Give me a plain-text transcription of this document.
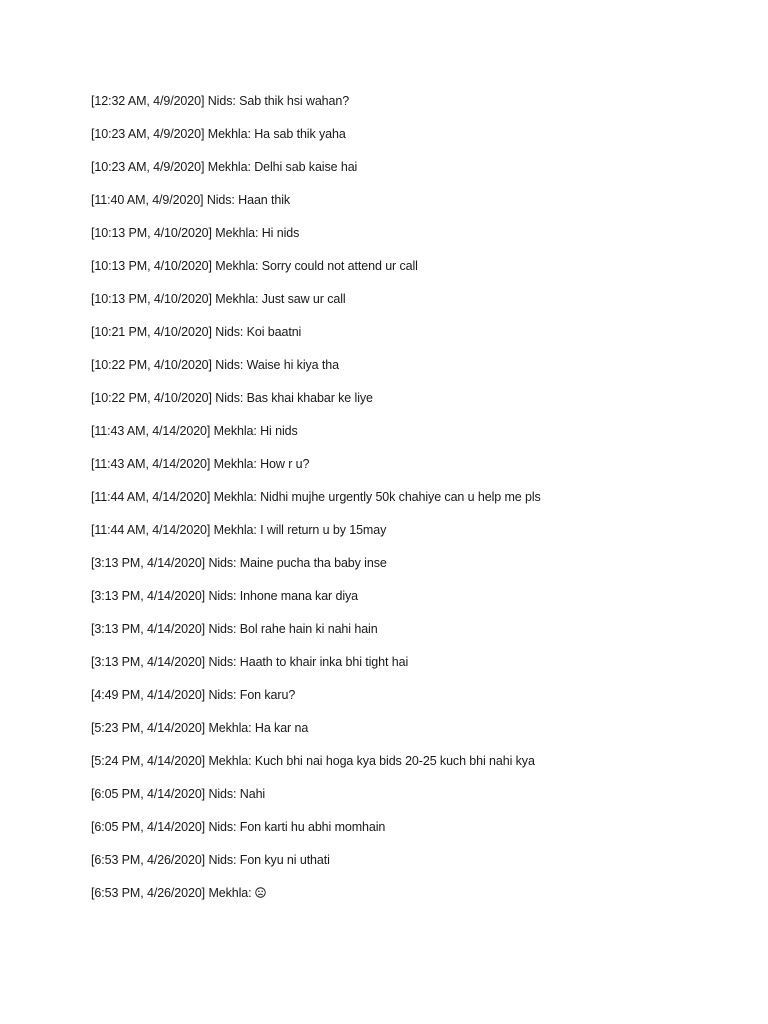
[12:32 AM, 4/9/2020] Nids: Sab thik hsi wahan?
[10:23 AM, 4/9/2020] Mekhla: Ha sab thik yaha
[10:23 AM, 4/9/2020] Mekhla: Delhi sab kaise hai
[11:40 AM, 4/9/2020] Nids: Haan thik
[10:13 PM, 4/10/2020] Mekhla: Hi nids
[10:13 PM, 4/10/2020] Mekhla: Sorry could not attend ur call
[10:13 PM, 4/10/2020] Mekhla: Just saw ur call
[10:21 PM, 4/10/2020] Nids: Koi baatni
[10:22 PM, 4/10/2020] Nids: Waise hi kiya tha
[10:22 PM, 4/10/2020] Nids: Bas khai khabar ke liye
[11:43 AM, 4/14/2020] Mekhla: Hi nids
[11:43 AM, 4/14/2020] Mekhla: How r u?
[11:44 AM, 4/14/2020] Mekhla: Nidhi mujhe urgently 50k chahiye can u help me pls
[11:44 AM, 4/14/2020] Mekhla: I will return u by 15may
[3:13 PM, 4/14/2020] Nids: Maine pucha tha baby inse
[3:13 PM, 4/14/2020] Nids: Inhone mana kar diya
[3:13 PM, 4/14/2020] Nids: Bol rahe hain ki nahi hain
[3:13 PM, 4/14/2020] Nids: Haath to khair inka bhi tight hai
[4:49 PM, 4/14/2020] Nids: Fon karu?
[5:23 PM, 4/14/2020] Mekhla: Ha kar na
[5:24 PM, 4/14/2020] Mekhla: Kuch bhi nai hoga kya bids 20-25 kuch bhi nahi kya
[6:05 PM, 4/14/2020] Nids: Nahi
[6:05 PM, 4/14/2020] Nids: Fon karti hu abhi momhain
[6:53 PM, 4/26/2020] Nids: Fon kyu ni uthati
[6:53 PM, 4/26/2020] Mekhla:
